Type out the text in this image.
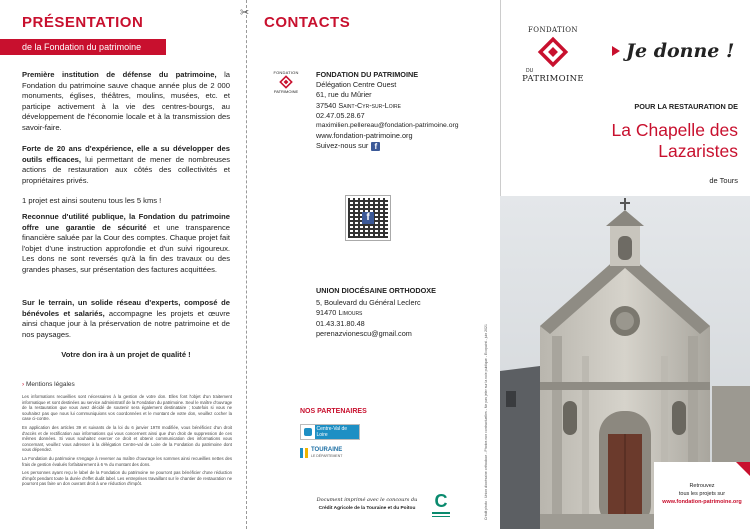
✂
PRÉSENTATION
de la Fondation du patrimoine
Première institution de défense du patrimoine, la Fondation du patrimoine sauve chaque année plus de 2 000 monuments, églises, théâtres, moulins, musées, etc. et participe activement à la vie des centres-bourgs, au développement de l'économie locale et à la transmission des savoir-faire.
Forte de 20 ans d'expérience, elle a su développer des outils efficaces, lui permettant de mener de nombreuses actions de restauration aux côtés des collectivités et propriétaires privés.
1 projet est ainsi soutenu tous les 5 kms !
Reconnue d'utilité publique, la Fondation du patrimoine offre une garantie de sécurité et une transparence financière saluée par la Cour des comptes. Chaque projet fait l'objet d'une instruction approfondie et d'un suivi rigoureux. Les dons ne sont reversés qu'à la fin des travaux ou des grandes phases, sur présentation des factures acquittées.
Sur le terrain, un solide réseau d'experts, composé de bénévoles et salariés, accompagne les projets et œuvre ainsi chaque jour à la préservation de notre patrimoine et de nos paysages.
Votre don ira à un projet de qualité !
› Mentions légales

Les informations recueillies sont nécessaires à la gestion de votre don. Elles font l'objet d'un traitement informatique et sont destinées au service administratif de la Fondation du patrimoine. Seul le maître d'ouvrage de la restauration que vous avez décidé de soutenir sera également destinataire ; toutefois si vous ne souhaitez pas que nous lui communiquions vos coordonnées et le montant de votre don, veuillez cocher la case ci-contre.

En application des articles 39 et suivants de la loi du 6 janvier 1978 modifiée, vous bénéficiez d'un droit d'accès et de rectification aux informations qui vous concernent ainsi que d'un droit de suppression de ces mêmes données. Si vous souhaitez exercer ce droit et obtenir communication des informations vous concernant, veuillez vous adresser à la délégation Centre-val de Loire de la Fondation du patrimoine dont vous dépendez.

La Fondation du patrimoine s'engage à reverser au maître d'ouvrage les sommes ainsi recueillies nettes des frais de gestion évalués forfaitairement à 6 % du montant des dons.

Les personnes ayant reçu le label de la Fondation du patrimoine ne pourront pas bénéficier d'une réduction d'impôt pendant toute la durée d'effet dudit label. Les entreprises travaillant sur le chantier de restauration ne pourront pas faire un don ouvrant droit à une réduction d'impôt.

CONTACTS
FONDATION
PATRIMOINE
FONDATION DU PATRIMOINE
Délégation Centre Ouest
61, rue du Mûrier
37540 Saint-Cyr-sur-Loire
02.47.05.28.67
maximilien.pellereau@fondation-patrimoine.org
www.fondation-patrimoine.org
Suivez-nous sur f
f
UNION DIOCÉSAINE ORTHODOXE
5, Boulevard du Général Leclerc
91470 Limours
01.43.31.80.48
perenazvionescu@gmail.com
NOS PARTENAIRES
Centre-Val de Loire
TOURAINE
LE DÉPARTEMENT
Document imprimé avec le concours du
Crédit Agricole de la Touraine et du Poitou	C	Crédit photo : Union diocésaine orthodoxe - Photos non contractuelles - Ne pas jeter sur la voie publique - Ecopaint - juin 2021
FONDATION
DU
PATRIMOINE
Je donne !
POUR LA RESTAURATION DE
La Chapelle des
Lazaristes
de Tours
Retrouvez
tous les projets sur
www.fondation-patrimoine.org
